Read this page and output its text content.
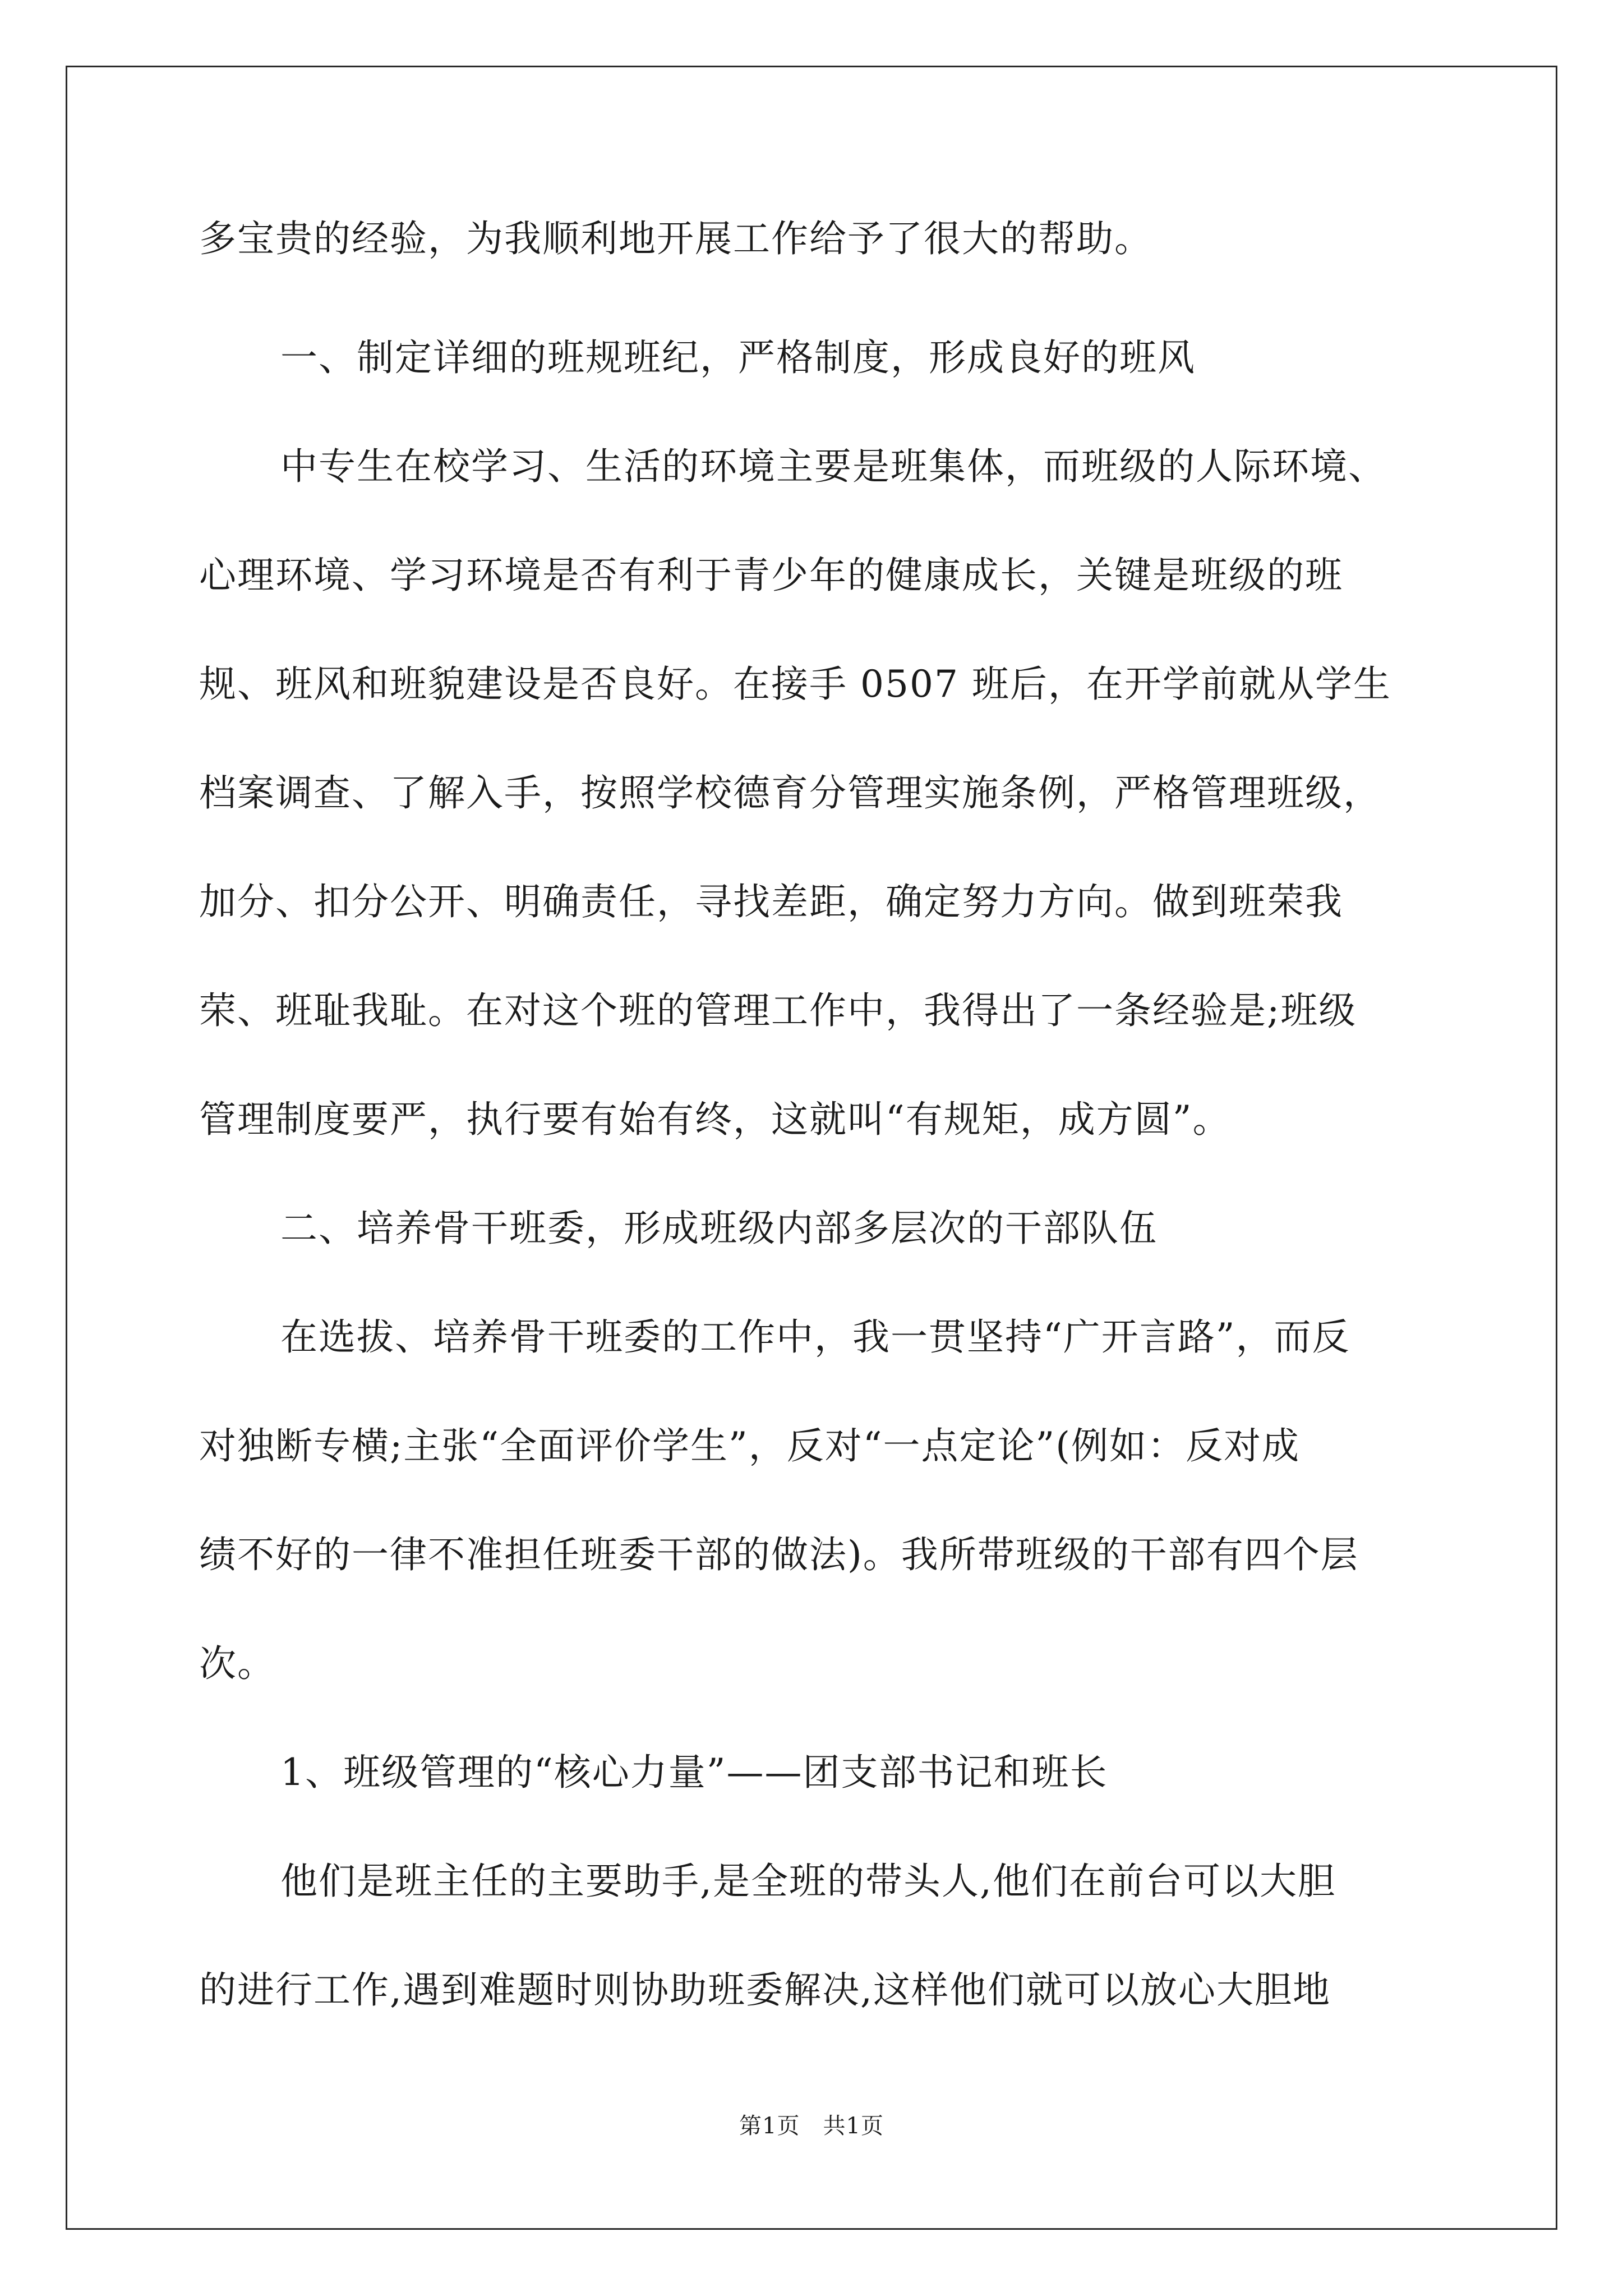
多宝贵的经验，为我顺利地开展工作给予了很大的帮助。
一、制定详细的班规班纪，严格制度，形成良好的班风
中专生在校学习、生活的环境主要是班集体，而班级的人际环境、
心理环境、学习环境是否有利于青少年的健康成长，关键是班级的班
规、班风和班貌建设是否良好。在接手 0507 班后，在开学前就从学生
档案调查、了解入手，按照学校德育分管理实施条例，严格管理班级，
加分、扣分公开、明确责任，寻找差距，确定努力方向。做到班荣我
荣、班耻我耻。在对这个班的管理工作中，我得出了一条经验是;班级
管理制度要严，执行要有始有终，这就叫“有规矩，成方圆”。
二、培养骨干班委，形成班级内部多层次的干部队伍
在选拔、培养骨干班委的工作中，我一贯坚持“广开言路”，而反
对独断专横;主张“全面评价学生”，反对“一点定论”(例如：反对成
绩不好的一律不准担任班委干部的做法)。我所带班级的干部有四个层
次。
1、班级管理的“核心力量”——团支部书记和班长
他们是班主任的主要助手,是全班的带头人,他们在前台可以大胆
的进行工作,遇到难题时则协助班委解决,这样他们就可以放心大胆地
第1页　共1页
